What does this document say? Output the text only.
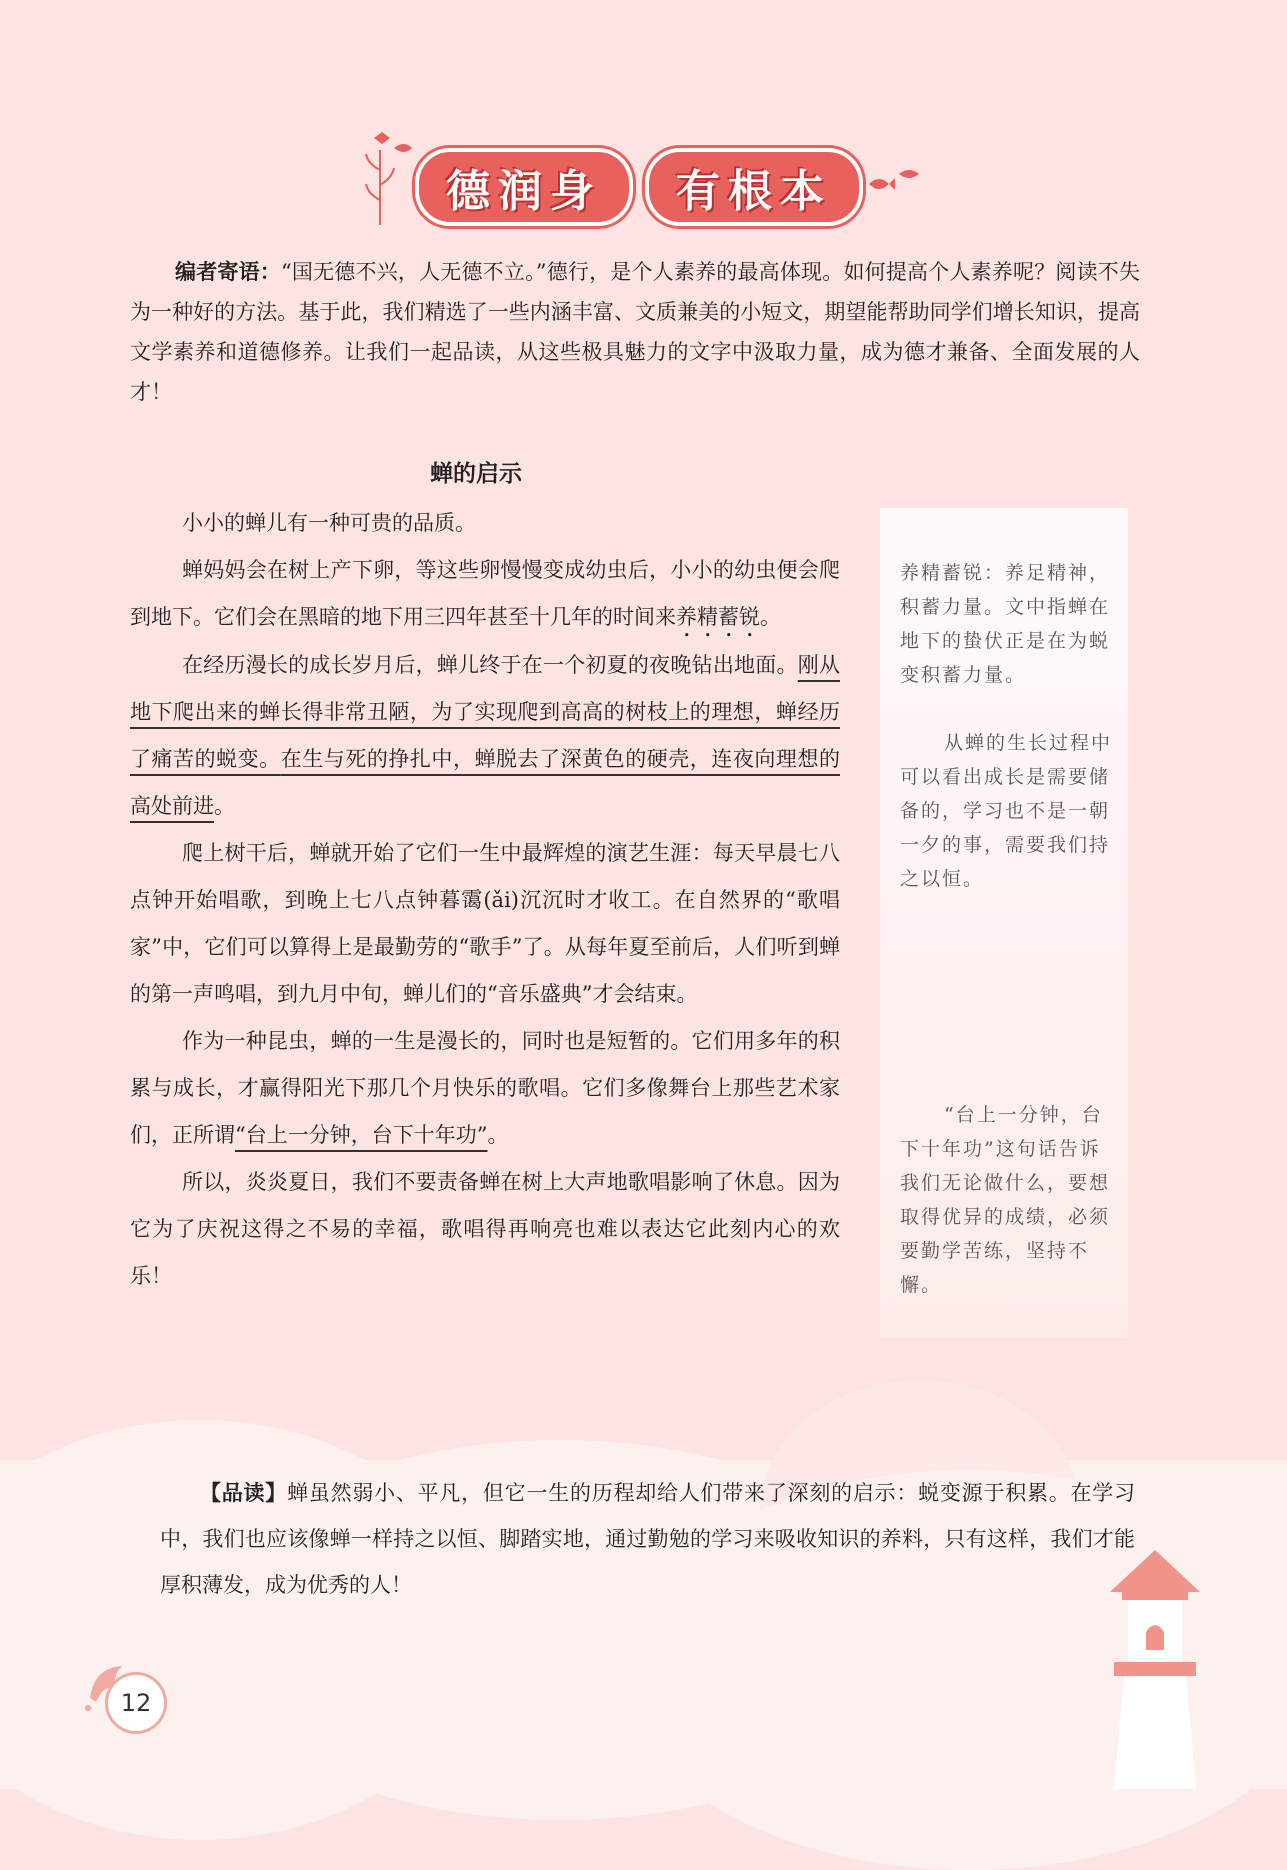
德润身 有根本
编者寄语：“国无德不兴，人无德不立。”德行，是个人素养的最高体现。如何提高个人素养呢？阅读不失为一种好的方法。基于此，我们精选了一些内涵丰富、文质兼美的小短文，期望能帮助同学们增长知识，提高文学素养和道德修养。让我们一起品读，从这些极具魅力的文字中汲取力量，成为德才兼备、全面发展的人才！
蝉的启示

小小的蝉儿有一种可贵的品质。

蝉妈妈会在树上产下卵，等这些卵慢慢变成幼虫后，小小的幼虫便会爬到地下。它们会在黑暗的地下用三四年甚至十几年的时间来养精蓄锐。

在经历漫长的成长岁月后，蝉儿终于在一个初夏的夜晚钻出地面。刚从地下爬出来的蝉长得非常丑陋，为了实现爬到高高的树枝上的理想，蝉经历了痛苦的蜕变。在生与死的挣扎中，蝉脱去了深黄色的硬壳，连夜向理想的高处前进。

爬上树干后，蝉就开始了它们一生中最辉煌的演艺生涯：每天早晨七八点钟开始唱歌，到晚上七八点钟暮霭(ǎi)沉沉时才收工。在自然界的“歌唱家”中，它们可以算得上是最勤劳的“歌手”了。从每年夏至前后，人们听到蝉的第一声鸣唱，到九月中旬，蝉儿们的“音乐盛典”才会结束。

作为一种昆虫，蝉的一生是漫长的，同时也是短暂的。它们用多年的积累与成长，才赢得阳光下那几个月快乐的歌唱。它们多像舞台上那些艺术家们，正所谓“台上一分钟，台下十年功”。

所以，炎炎夏日，我们不要责备蝉在树上大声地歌唱影响了休息。因为它为了庆祝这得之不易的幸福，歌唱得再响亮也难以表达它此刻内心的欢乐！

养精蓄锐：养足精神，积蓄力量。文中指蝉在地下的蛰伏正是在为蜕变积蓄力量。
从蝉的生长过程中可以看出成长是需要储备的，学习也不是一朝一夕的事，需要我们持之以恒。
“台上一分钟，台下十年功”这句话告诉我们无论做什么，要想取得优异的成绩，必须要勤学苦练，坚持不懈。
【品读】蝉虽然弱小、平凡，但它一生的历程却给人们带来了深刻的启示：蜕变源于积累。在学习中，我们也应该像蝉一样持之以恒、脚踏实地，通过勤勉的学习来吸收知识的养料，只有这样，我们才能厚积薄发，成为优秀的人！
12
